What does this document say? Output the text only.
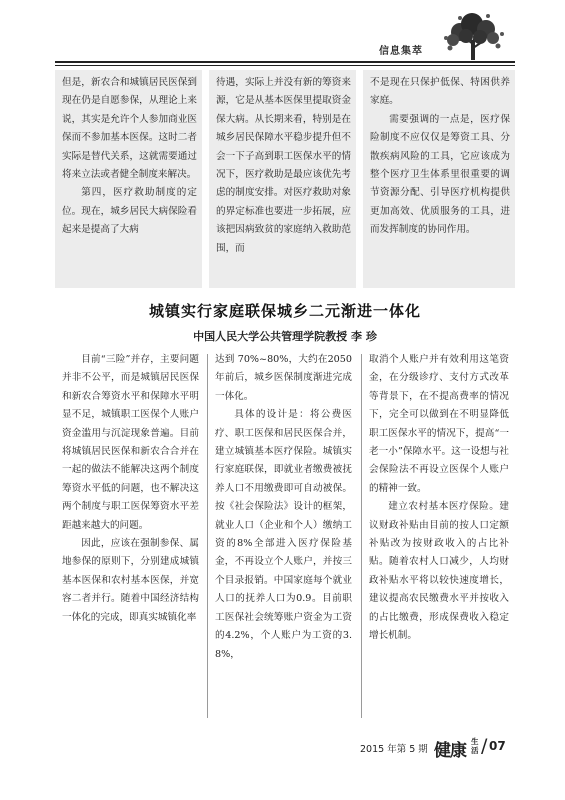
信息集萃

但是，新农合和城镇居民医保到现在仍是自愿参保，从理论上来说，其实是允许个人参加商业医保而不参加基本医保。这时二者实际是替代关系，这就需要通过将来立法或者健全制度来解决。

第四，医疗救助制度的定位。现在，城乡居民大病保险看起来是提高了大病

待遇，实际上并没有新的筹资来源，它是从基本医保里提取资金保大病。从长期来看，特别是在城乡居民保障水平稳步提升但不会一下子高到职工医保水平的情况下，医疗救助是最应该优先考虑的制度安排。对医疗救助对象的界定标准也要进一步拓展，应该把因病致贫的家庭纳入救助范围，而

不是现在只保护低保、特困供养家庭。

需要强调的一点是，医疗保险制度不应仅仅是筹资工具、分散疾病风险的工具，它应该成为整个医疗卫生体系里很重要的调节资源分配、引导医疗机构提供更加高效、优质服务的工具，进而发挥制度的协同作用。

城镇实行家庭联保城乡二元渐进一体化
中国人民大学公共管理学院教授 李 珍

目前“三险”并存，主要问题并非不公平，而是城镇居民医保和新农合筹资水平和保障水平明显不足，城镇职工医保个人账户资金滥用与沉淀现象普遍。目前将城镇居民医保和新农合合并在一起的做法不能解决这两个制度筹资水平低的问题，也不解决这两个制度与职工医保筹资水平差距越来越大的问题。

因此，应该在强制参保、属地参保的原则下，分别建成城镇基本医保和农村基本医保，并宽容二者并行。随着中国经济结构一体化的完成，即真实城镇化率

达到 70%~80%，大约在2050年前后，城乡医保制度渐进完成一体化。

具体的设计是：将公费医疗、职工医保和居民医保合并，建立城镇基本医疗保险。城镇实行家庭联保，即就业者缴费被抚养人口不用缴费即可自动被保。按《社会保险法》设计的框架，就业人口（企业和个人）缴纳工资的8%全部进入医疗保险基金，不再设立个人账户，并按三个目录报销。中国家庭每个就业人口的抚养人口为0.9。目前职工医保社会统筹账户资金为工资的4.2%，个人账户为工资的3.8%，

取消个人账户并有效利用这笔资金，在分级诊疗、支付方式改革等背景下，在不提高费率的情况下，完全可以做到在不明显降低职工医保水平的情况下，提高“一老一小”保障水平。这一设想与社会保险法不再设立医保个人账户的精神一致。

建立农村基本医疗保险。建议财政补贴由目前的按人口定额补贴改为按财政收入的占比补贴。随着农村人口减少，人均财政补贴水平将以较快速度增长，建议提高农民缴费水平并按收入的占比缴费，形成保费收入稳定增长机制。

2015 年第 5 期 健康 生活 / 07
